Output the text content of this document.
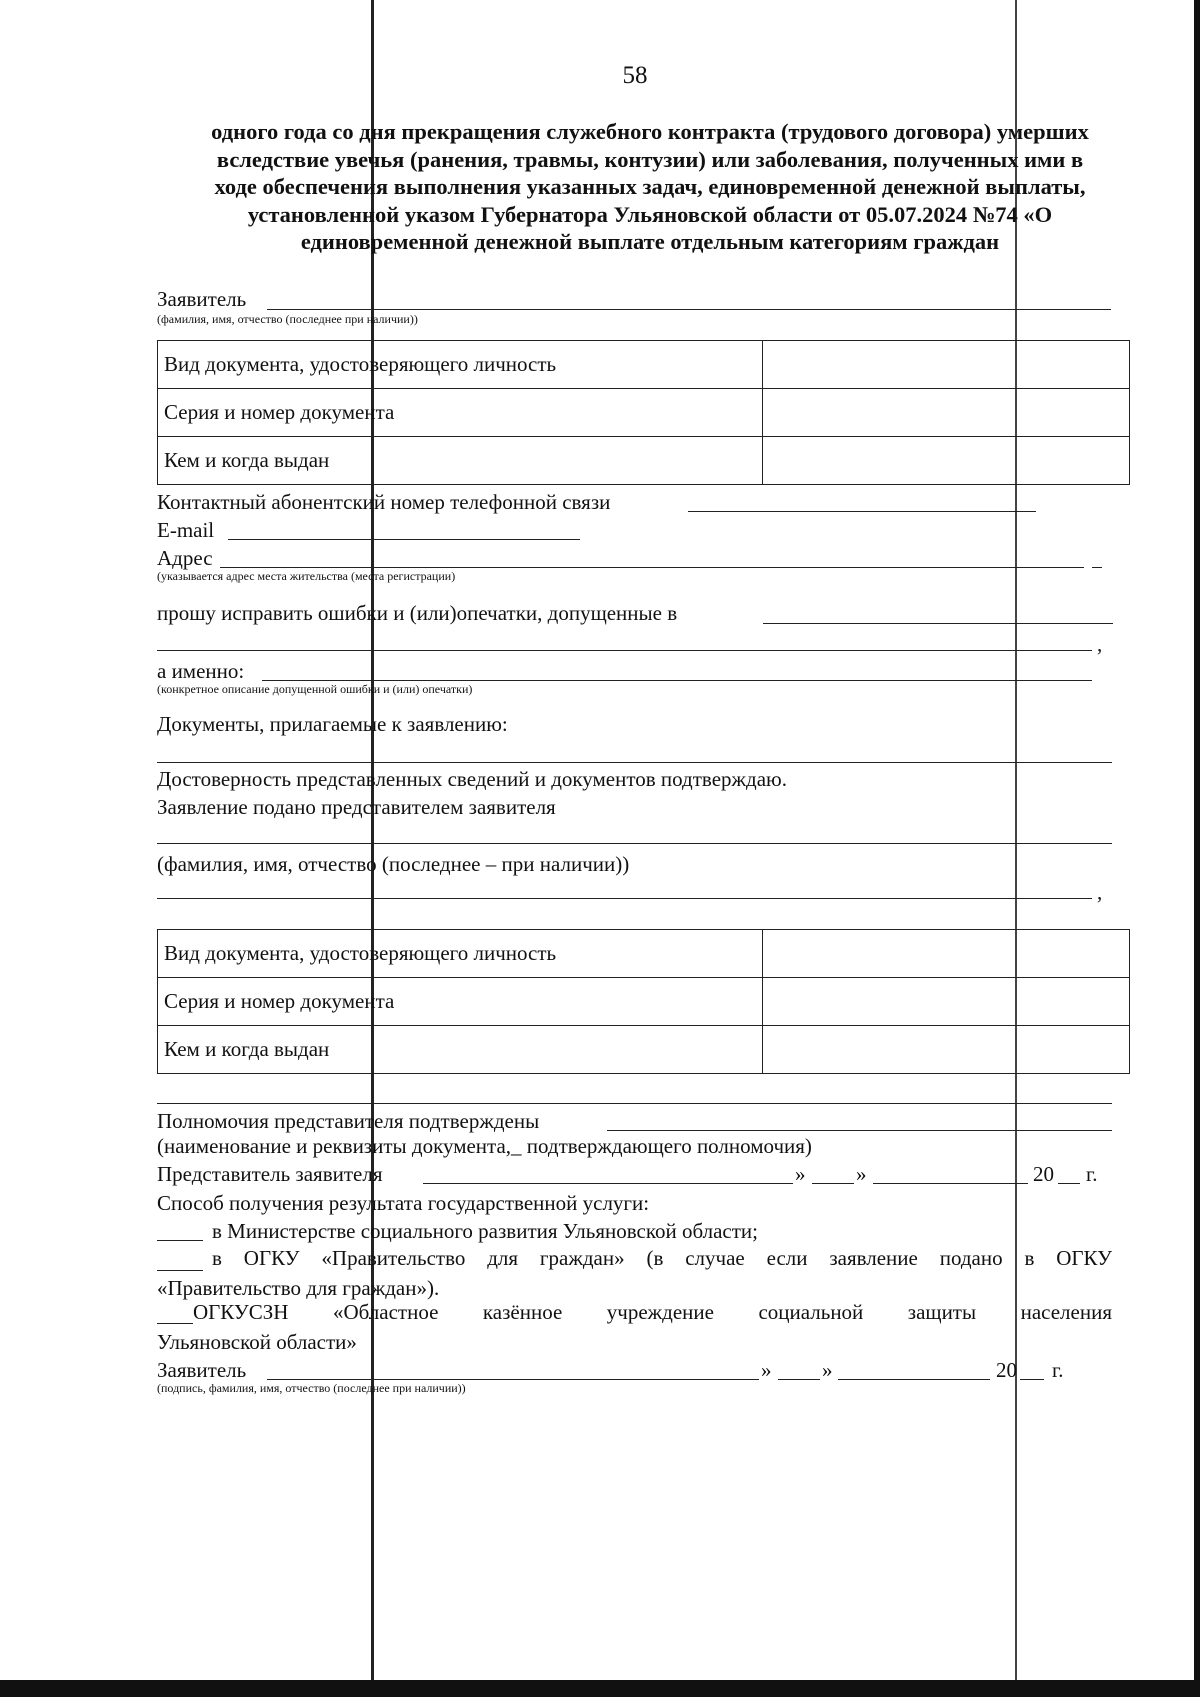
58
одного года со дня прекращения служебного контракта (трудового договора) умерших
вследствие увечья (ранения, травмы, контузии) или заболевания, полученных ими в
ходе обеспечения выполнения указанных задач, единовременной денежной выплаты,
установленной указом Губернатора Ульяновской области от 05.07.2024 №74 «О
единовременной денежной выплате отдельным категориям граждан
Заявитель
(фамилия, имя, отчество (последнее при наличии))
Вид документа, удостоверяющего личность	
Серия и номер документа	
Кем и когда выдан	
Контактный абонентский номер телефонной связи
E-mail
Адрес
(указывается адрес места жительства (места регистрации)
прошу исправить ошибки и (или)опечатки, допущенные в
,
а именно:
(конкретное описание допущенной ошибки и (или) опечатки)
Документы, прилагаемые к заявлению:
Достоверность представленных сведений и документов подтверждаю.
Заявление подано представителем заявителя
(фамилия, имя, отчество (последнее – при наличии))
,
Вид документа, удостоверяющего личность	
Серия и номер документа	
Кем и когда выдан	
Полномочия представителя подтверждены
(наименование и реквизиты документа,_ подтверждающего полномочия)
Представитель заявителя	» »	20 г.
Способ получения результата государственной услуги:
в Министерстве социального развития Ульяновской области;
в ОГКУ «Правительство для граждан» (в случае если заявление подано в ОГКУ
«Правительство для граждан»).
ОГКУСЗН «Областное казённое учреждение социальной защиты населения
Ульяновской области»
Заявитель	» »	20 г.
(подпись, фамилия, имя, отчество (последнее при наличии))
